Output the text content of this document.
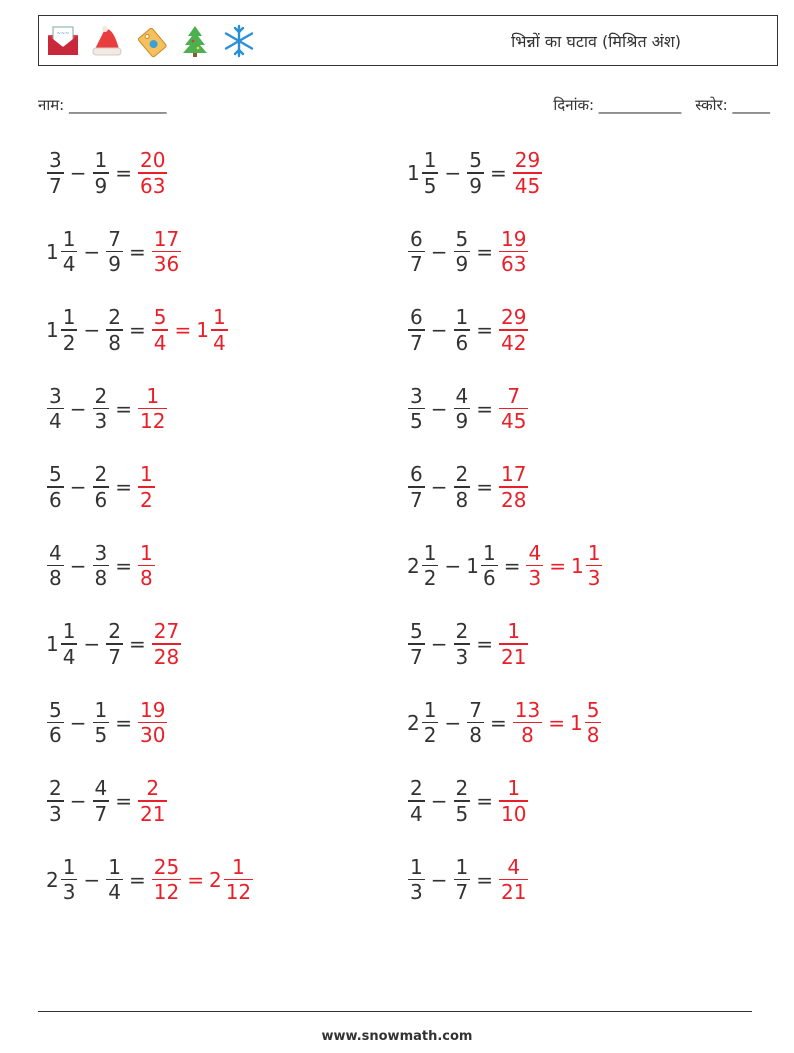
~~~	भिन्नों का घटाव (मिश्रित अंश)
नाम: _____________	दिनांक: ___________ स्कोर: _____
$\frac{3}{7} - \frac{1}{9} = \frac{20}{63}$	$1 \frac{1}{5} - \frac{5}{9} = \frac{29}{45}$
$1 \frac{1}{4} - \frac{7}{9} = \frac{17}{36}$	$\frac{6}{7} - \frac{5}{9} = \frac{19}{63}$
$1 \frac{1}{2} - \frac{2}{8} = \frac{5}{4} = 1 \frac{1}{4}$	$\frac{6}{7} - \frac{1}{6} = \frac{29}{42}$
$\frac{3}{4} - \frac{2}{3} = \frac{1}{12}$	$\frac{3}{5} - \frac{4}{9} = \frac{7}{45}$
$\frac{5}{6} - \frac{2}{6} = \frac{1}{2}$	$\frac{6}{7} - \frac{2}{8} = \frac{17}{28}$
$\frac{4}{8} - \frac{3}{8} = \frac{1}{8}$	$2 \frac{1}{2} - 1 \frac{1}{6} = \frac{4}{3} = 1 \frac{1}{3}$
$1 \frac{1}{4} - \frac{2}{7} = \frac{27}{28}$	$\frac{5}{7} - \frac{2}{3} = \frac{1}{21}$
$\frac{5}{6} - \frac{1}{5} = \frac{19}{30}$	$2 \frac{1}{2} - \frac{7}{8} = \frac{13}{8} = 1 \frac{5}{8}$
$\frac{2}{3} - \frac{4}{7} = \frac{2}{21}$	$\frac{2}{4} - \frac{2}{5} = \frac{1}{10}$
$2 \frac{1}{3} - \frac{1}{4} = \frac{25}{12} = 2 \frac{1}{12}$	$\frac{1}{3} - \frac{1}{7} = \frac{4}{21}$
www.snowmath.com
